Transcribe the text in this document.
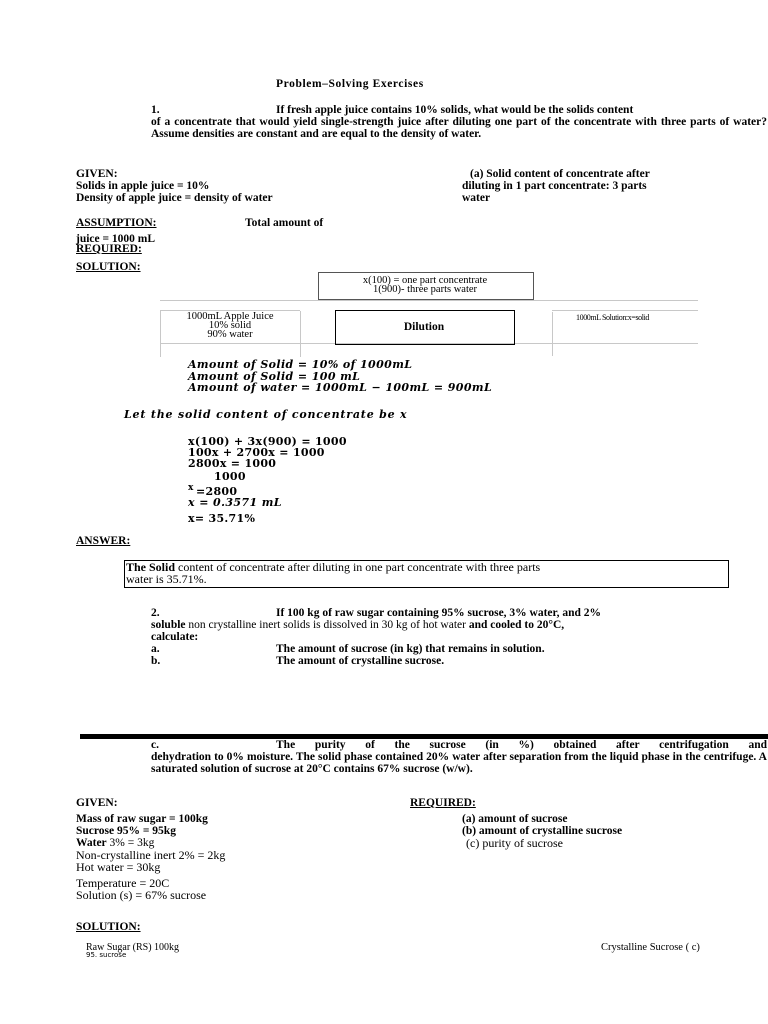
Problem–Solving Exercises
1.	If fresh apple juice contains 10% solids, what would be the solids content
of a concentrate that would yield single-strength juice after diluting one part of the concentrate with three parts of water? Assume densities are constant and are equal to the density of water.
GIVEN:
Solids in apple juice = 10%
Density of apple juice = density of water
(a) Solid content of concentrate after
diluting in 1 part concentrate: 3 parts
water
ASSUMPTION:	Total amount of
juice = 1000 mL
REQUIRED:
SOLUTION:
x(100) = one part concentrate
1(900)- three parts water
1000mL Apple Juice
10% solid
90% water
Dilution
1000mL Solution:x=solid
Amount of Solid = 10% of 1000mL
Amount of Solid = 100 mL
Amount of water = 1000mL − 100mL = 900mL
Let the solid content of concentrate be x
x(100) + 3x(900) = 1000
100x + 2700x = 1000
2800x = 1000
1000
x =2800
x = 0.3571 mL
x= 35.71%
ANSWER:
The Solid content of concentrate after diluting in one part concentrate with three parts
water is 35.71%.
2.	If 100 kg of raw sugar containing 95% sucrose, 3% water, and 2%
soluble non crystalline inert solids is dissolved in 30 kg of hot water and cooled to 20°C,
calculate:
a.	The amount of sucrose (in kg) that remains in solution.
b.	The amount of crystalline sucrose.
c.	The purity of the sucrose (in %) obtained after centrifugation and
dehydration to 0% moisture. The solid phase contained 20% water after separation from the liquid phase in the centrifuge. A saturated solution of sucrose at 20°C contains 67% sucrose (w/w).
GIVEN:	REQUIRED:
Mass of raw sugar = 100kg
Sucrose 95% = 95kg
Water 3% = 3kg
Non-crystalline inert 2% = 2kg
Hot water = 30kg
Temperature = 20C
Solution (s) = 67% sucrose
(a) amount of sucrose
(b) amount of crystalline sucrose
(c) purity of sucrose
SOLUTION:
Raw Sugar (RS) 100kg
95. sucrose
Crystalline Sucrose ( c)
